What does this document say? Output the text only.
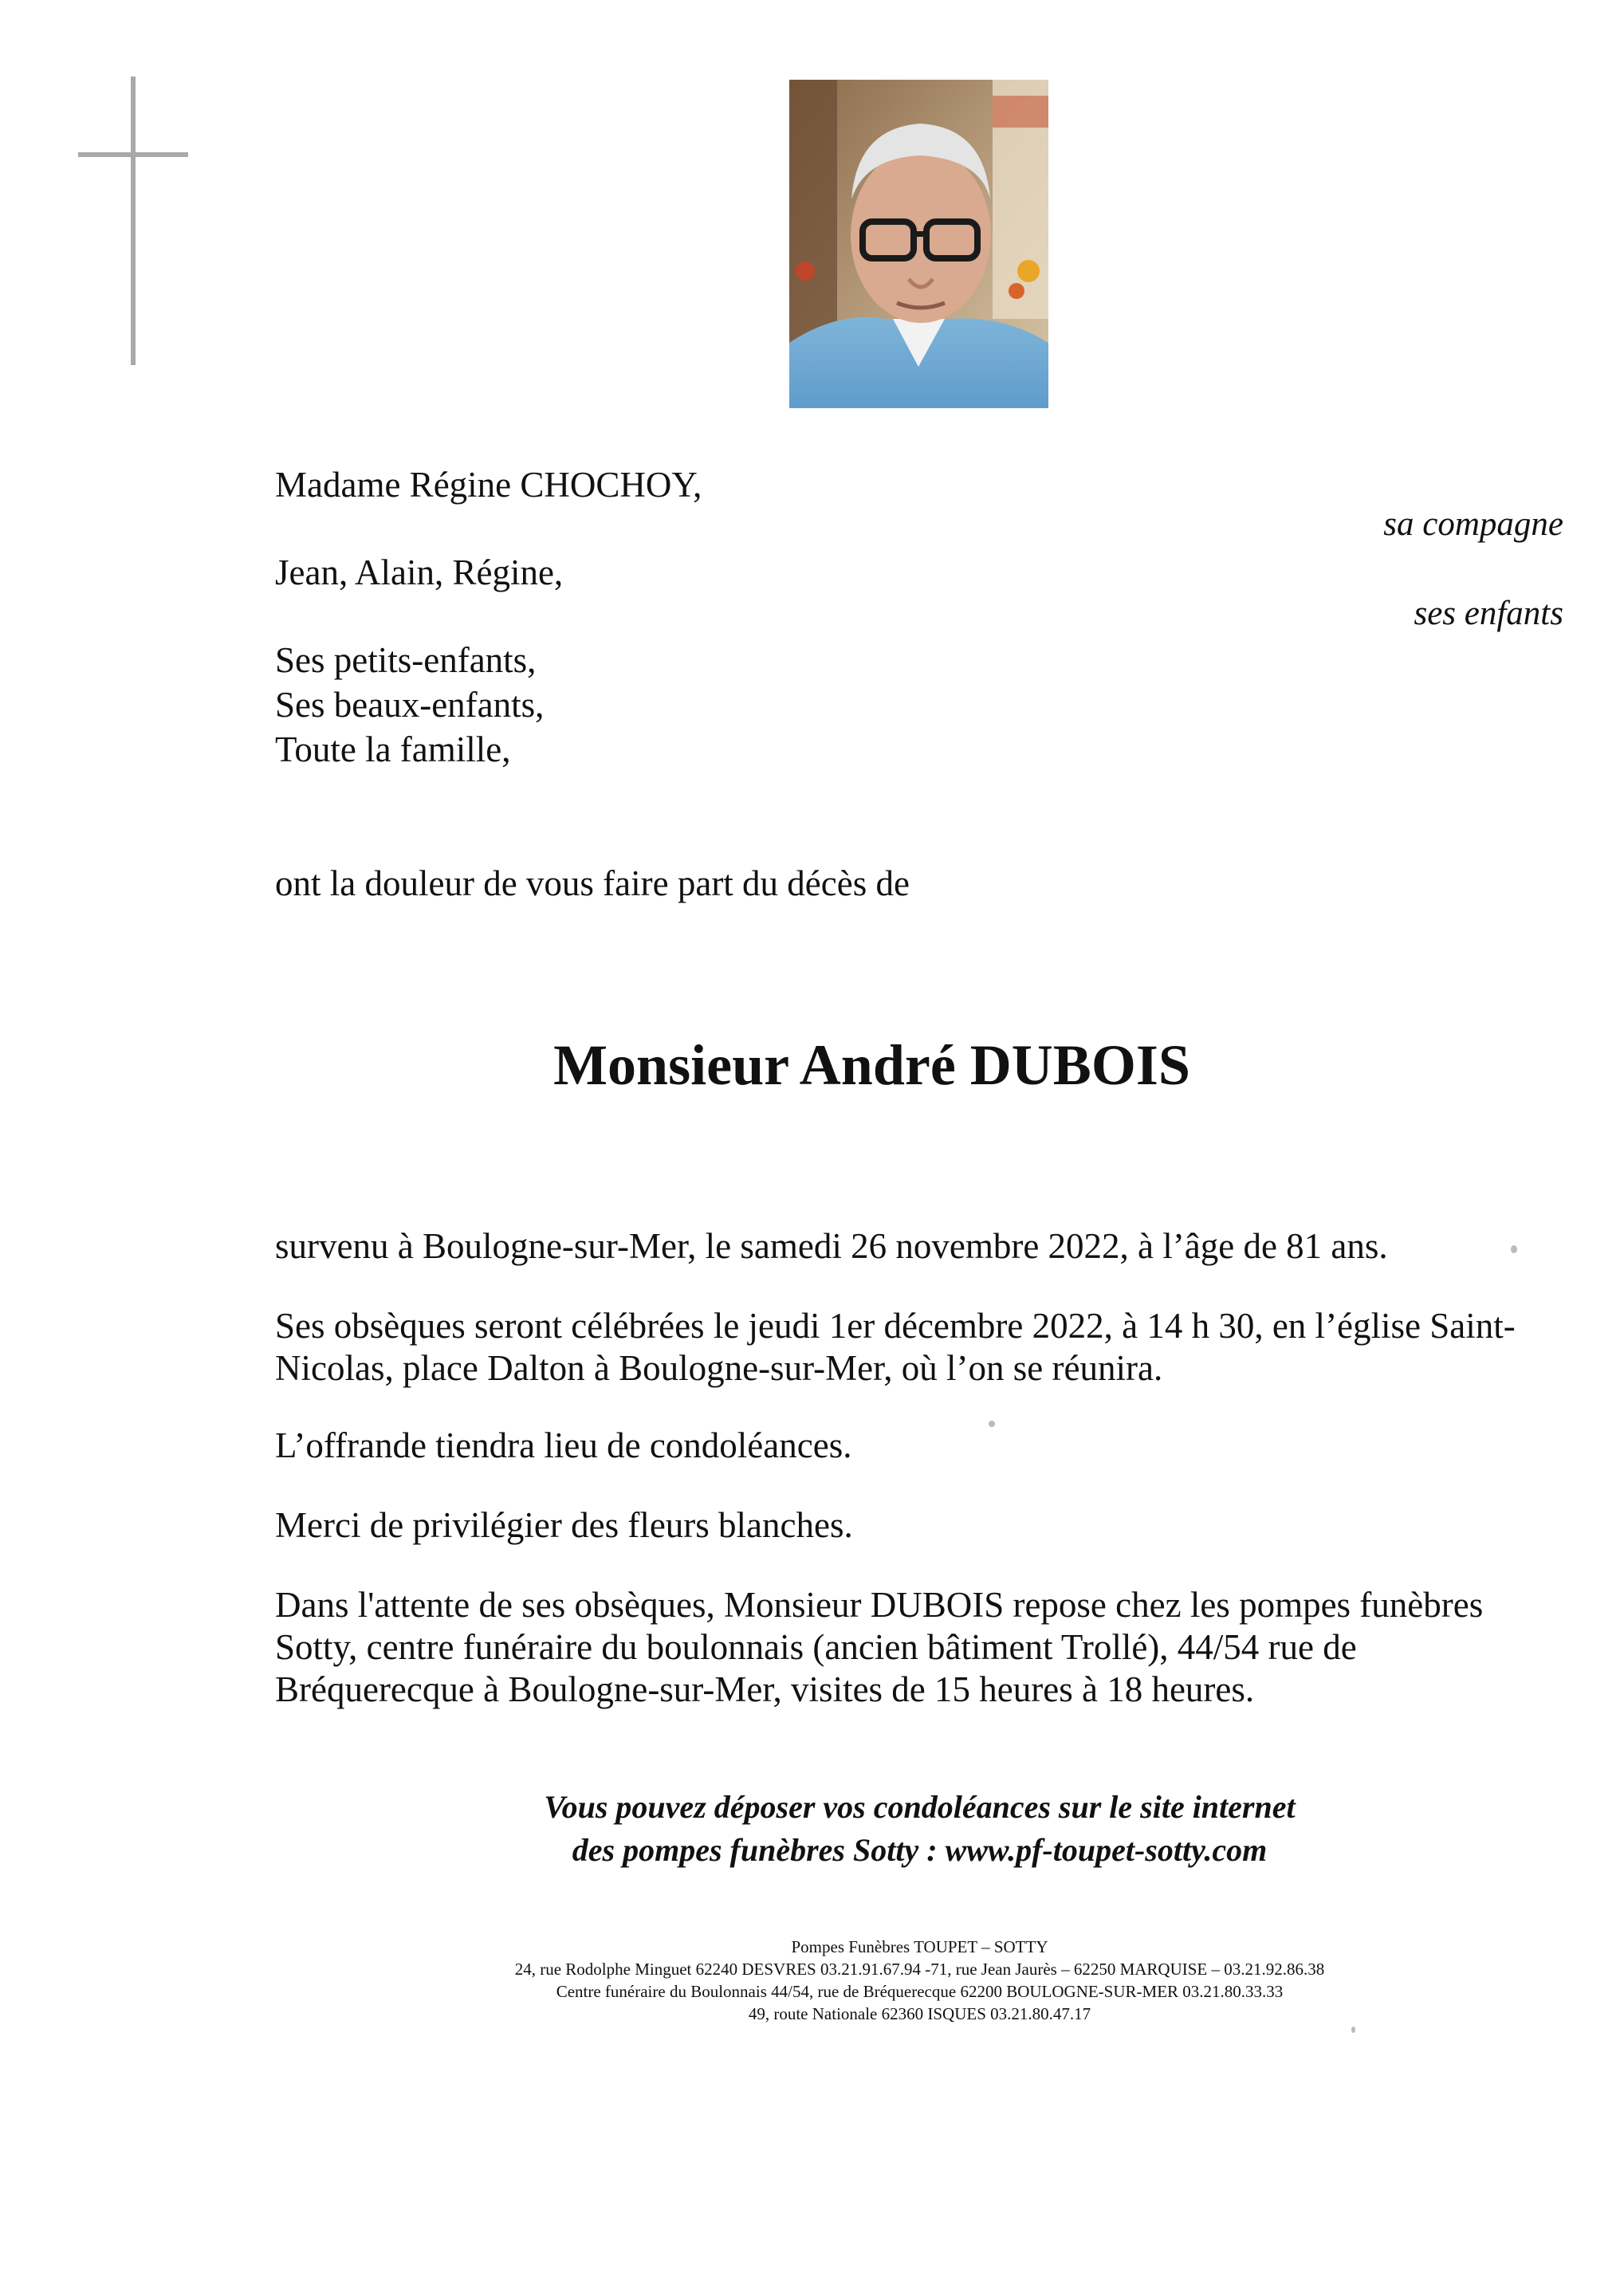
Madame Régine CHOCHOY,
sa compagne
Jean, Alain, Régine,
ses enfants
Ses petits-enfants,
Ses beaux-enfants,
Toute la famille,
ont la douleur de vous faire part du décès de
Monsieur André DUBOIS
survenu à Boulogne-sur-Mer, le samedi 26 novembre 2022, à l’âge de 81 ans.
Ses obsèques seront célébrées le jeudi 1er décembre 2022, à 14 h 30, en l’église Saint-
Nicolas, place Dalton à Boulogne-sur-Mer, où l’on se réunira.
L’offrande tiendra lieu de condoléances.
Merci de privilégier des fleurs blanches.
Dans l'attente de ses obsèques, Monsieur DUBOIS repose chez les pompes funèbres
Sotty, centre funéraire du boulonnais (ancien bâtiment Trollé), 44/54 rue de
Bréquerecque à Boulogne-sur-Mer, visites de 15 heures à 18 heures.
Vous pouvez déposer vos condoléances sur le site internet
des pompes funèbres Sotty : www.pf-toupet-sotty.com
Pompes Funèbres TOUPET – SOTTY
24, rue Rodolphe Minguet 62240 DESVRES 03.21.91.67.94 -71, rue Jean Jaurès – 62250 MARQUISE – 03.21.92.86.38
Centre funéraire du Boulonnais 44/54, rue de Bréquerecque 62200 BOULOGNE-SUR-MER 03.21.80.33.33
49, route Nationale 62360 ISQUES 03.21.80.47.17
